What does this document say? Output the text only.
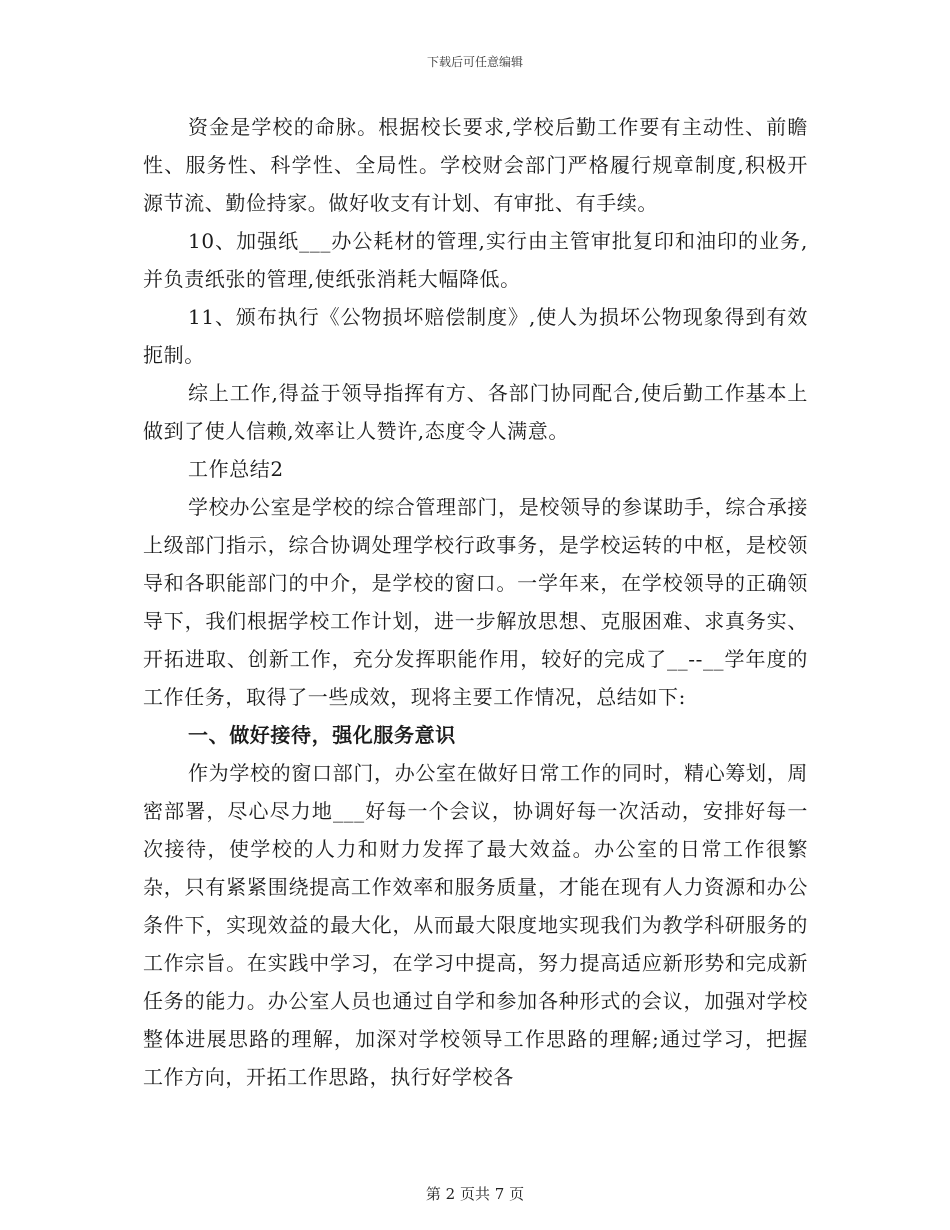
下载后可任意编辑

资金是学校的命脉。根据校长要求,学校后勤工作要有主动性、前瞻性、服务性、科学性、全局性。学校财会部门严格履行规章制度,积极开源节流、勤俭持家。做好收支有计划、有审批、有手续。

10、加强纸___办公耗材的管理,实行由主管审批复印和油印的业务,并负责纸张的管理,使纸张消耗大幅降低。

11、颁布执行《公物损坏赔偿制度》,使人为损坏公物现象得到有效扼制。

综上工作,得益于领导指挥有方、各部门协同配合,使后勤工作基本上做到了使人信赖,效率让人赞许,态度令人满意。

工作总结2

学校办公室是学校的综合管理部门，是校领导的参谋助手，综合承接上级部门指示，综合协调处理学校行政事务，是学校运转的中枢，是校领导和各职能部门的中介，是学校的窗口。一学年来，在学校领导的正确领导下，我们根据学校工作计划，进一步解放思想、克服困难、求真务实、开拓进取、创新工作，充分发挥职能作用，较好的完成了__--__学年度的工作任务，取得了一些成效，现将主要工作情况，总结如下:

一、做好接待，强化服务意识

作为学校的窗口部门，办公室在做好日常工作的同时，精心筹划，周密部署，尽心尽力地___好每一个会议，协调好每一次活动，安排好每一次接待，使学校的人力和财力发挥了最大效益。办公室的日常工作很繁杂，只有紧紧围绕提高工作效率和服务质量，才能在现有人力资源和办公条件下，实现效益的最大化，从而最大限度地实现我们为教学科研服务的工作宗旨。在实践中学习，在学习中提高，努力提高适应新形势和完成新任务的能力。办公室人员也通过自学和参加各种形式的会议，加强对学校整体进展思路的理解，加深对学校领导工作思路的理解;通过学习，把握工作方向，开拓工作思路，执行好学校各

第 2 页共 7 页
